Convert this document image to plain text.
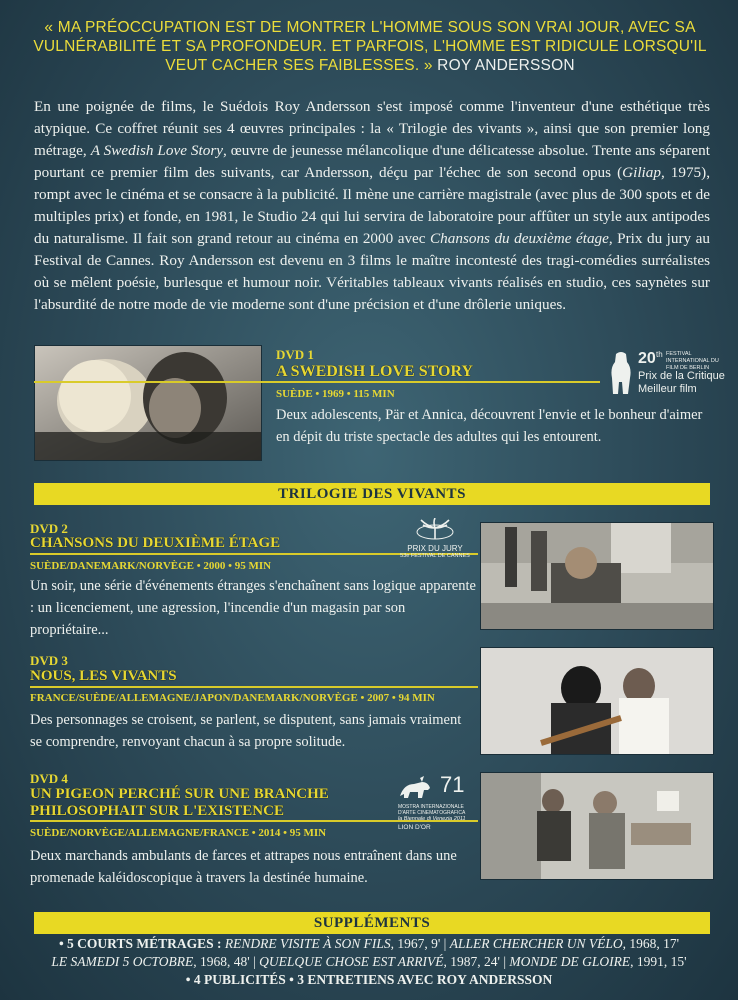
« MA PRÉOCCUPATION EST DE MONTRER L'HOMME SOUS SON VRAI JOUR, AVEC SA VULNÉRABILITÉ ET SA PROFONDEUR. ET PARFOIS, L'HOMME EST RIDICULE LORSQU'IL VEUT CACHER SES FAIBLESSES. » ROY ANDERSSON
En une poignée de films, le Suédois Roy Andersson s'est imposé comme l'inventeur d'une esthétique très atypique. Ce coffret réunit ses 4 œuvres principales : la « Trilogie des vivants », ainsi que son premier long métrage, A Swedish Love Story, œuvre de jeunesse mélancolique d'une délicatesse absolue. Trente ans séparent pourtant ce premier film des suivants, car Andersson, déçu par l'échec de son second opus (Giliap, 1975), rompt avec le cinéma et se consacre à la publicité. Il mène une carrière magistrale (avec plus de 300 spots et de multiples prix) et fonde, en 1981, le Studio 24 qui lui servira de laboratoire pour affûter un style aux antipodes du naturalisme. Il fait son grand retour au cinéma en 2000 avec Chansons du deuxième étage, Prix du jury au Festival de Cannes. Roy Andersson est devenu en 3 films le maître incontesté des tragi-comédies surréalistes où se mêlent poésie, burlesque et humour noir. Véritables tableaux vivants réalisés en studio, ces saynètes sur l'absurdité de notre mode de vie moderne sont d'une précision et d'une drôlerie uniques.
DVD 1
A SWEDISH LOVE STORY
SUÈDE • 1969 • 115 MIN
Deux adolescents, Pär et Annica, découvrent l'envie et le bonheur d'aimer en dépit du triste spectacle des adultes qui les entourent.
20 th FESTIVAL INTERNATIONAL DU FILM DE BERLIN
Prix de la Critique
Meilleur film
TRILOGIE DES VIVANTS
DVD 2
CHANSONS DU DEUXIÈME ÉTAGE
SUÈDE/DANEMARK/NORVÈGE • 2000 • 95 MIN
Un soir, une série d'événements étranges s'enchaînent sans logique apparente : un licenciement, une agression, l'incendie d'un magasin par son propriétaire...
PRIX DU JURY
53e FESTIVAL DE CANNES
DVD 3
NOUS, LES VIVANTS
FRANCE/SUÈDE/ALLEMAGNE/JAPON/DANEMARK/NORVÈGE • 2007 • 94 MIN
Des personnages se croisent, se parlent, se disputent, sans jamais vraiment se comprendre, renvoyant chacun à sa propre solitude.
DVD 4
UN PIGEON PERCHÉ SUR UNE BRANCHE
PHILOSOPHAIT SUR L'EXISTENCE
SUÈDE/NORVÈGE/ALLEMAGNE/FRANCE • 2014 • 95 MIN
Deux marchands ambulants de farces et attrapes nous entraînent dans une promenade kaléidoscopique à travers la destinée humaine.
71
MOSTRA INTERNAZIONALE D'ARTE CINEMATOGRAFICA
la Biennale di Venezia 2011
LION D'OR
SUPPLÉMENTS
• 5 COURTS MÉTRAGES : RENDRE VISITE À SON FILS, 1967, 9' | ALLER CHERCHER UN VÉLO, 1968, 17'
LE SAMEDI 5 OCTOBRE, 1968, 48' | QUELQUE CHOSE EST ARRIVÉ, 1987, 24' | MONDE DE GLOIRE, 1991, 15'
• 4 PUBLICITÉS • 3 ENTRETIENS AVEC ROY ANDERSSON
